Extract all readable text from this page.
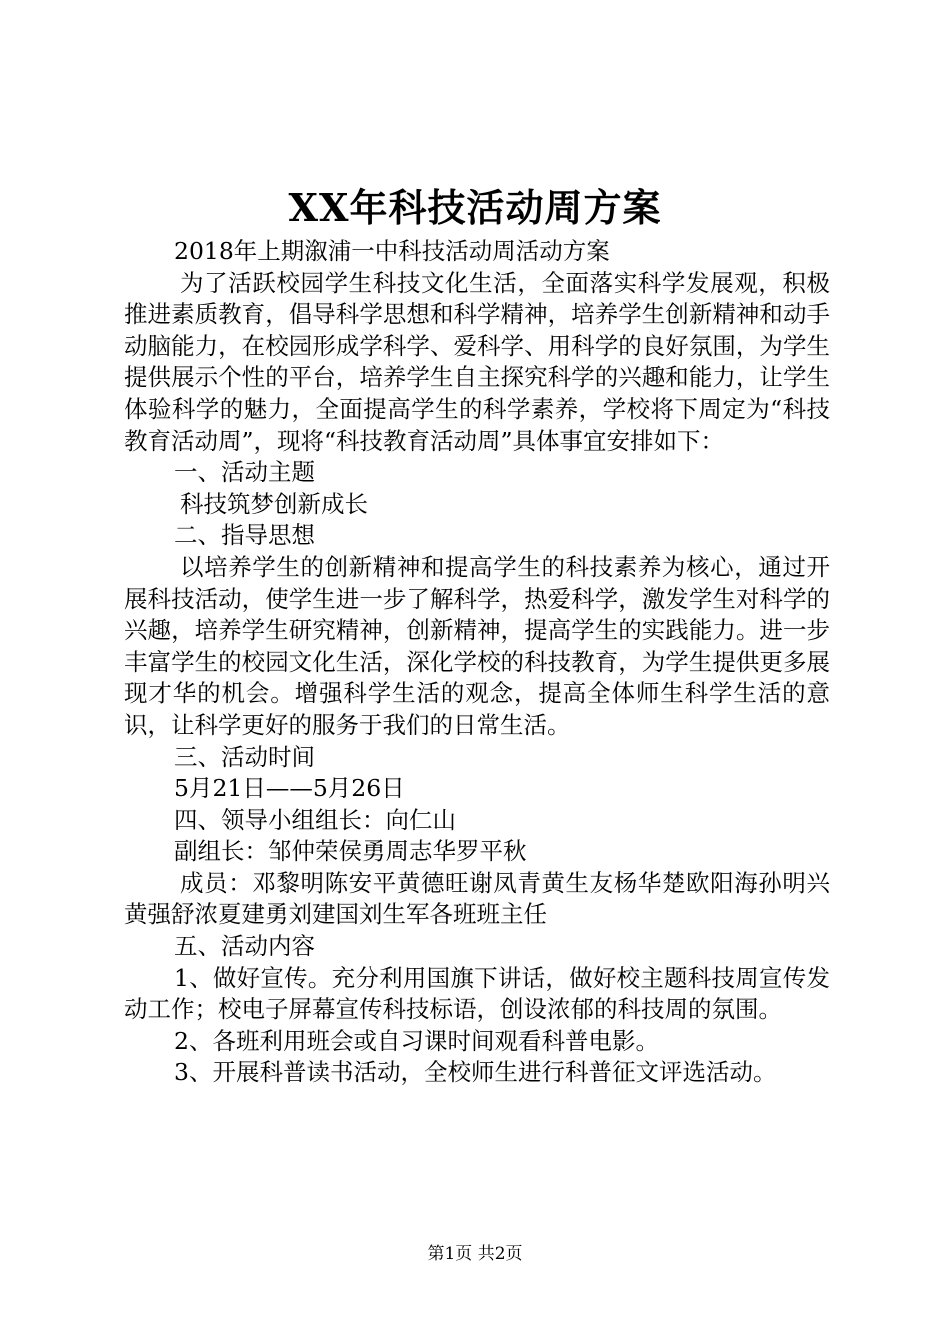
XX年科技活动周方案

2018年上期溆浦一中科技活动周活动方案

为了活跃校园学生科技文化生活，全面落实科学发展观，积极推进素质教育，倡导科学思想和科学精神，培养学生创新精神和动手动脑能力，在校园形成学科学、爱科学、用科学的良好氛围，为学生提供展示个性的平台，培养学生自主探究科学的兴趣和能力，让学生体验科学的魅力，全面提高学生的科学素养，学校将下周定为“科技教育活动周”，现将“科技教育活动周”具体事宜安排如下：

一、活动主题

科技筑梦创新成长

二、指导思想

以培养学生的创新精神和提高学生的科技素养为核心，通过开展科技活动，使学生进一步了解科学，热爱科学，激发学生对科学的兴趣，培养学生研究精神，创新精神，提高学生的实践能力。进一步丰富学生的校园文化生活，深化学校的科技教育，为学生提供更多展现才华的机会。增强科学生活的观念，提高全体师生科学生活的意识，让科学更好的服务于我们的日常生活。

三、活动时间

5月21日——5月26日

四、领导小组组长：向仁山

副组长：邹仲荣侯勇周志华罗平秋

成员：邓黎明陈安平黄德旺谢凤青黄生友杨华楚欧阳海孙明兴黄强舒浓夏建勇刘建国刘生军各班班主任

五、活动内容

1、做好宣传。充分利用国旗下讲话，做好校主题科技周宣传发动工作；校电子屏幕宣传科技标语，创设浓郁的科技周的氛围。

2、各班利用班会或自习课时间观看科普电影。

3、开展科普读书活动，全校师生进行科普征文评选活动。

第1页 共2页
